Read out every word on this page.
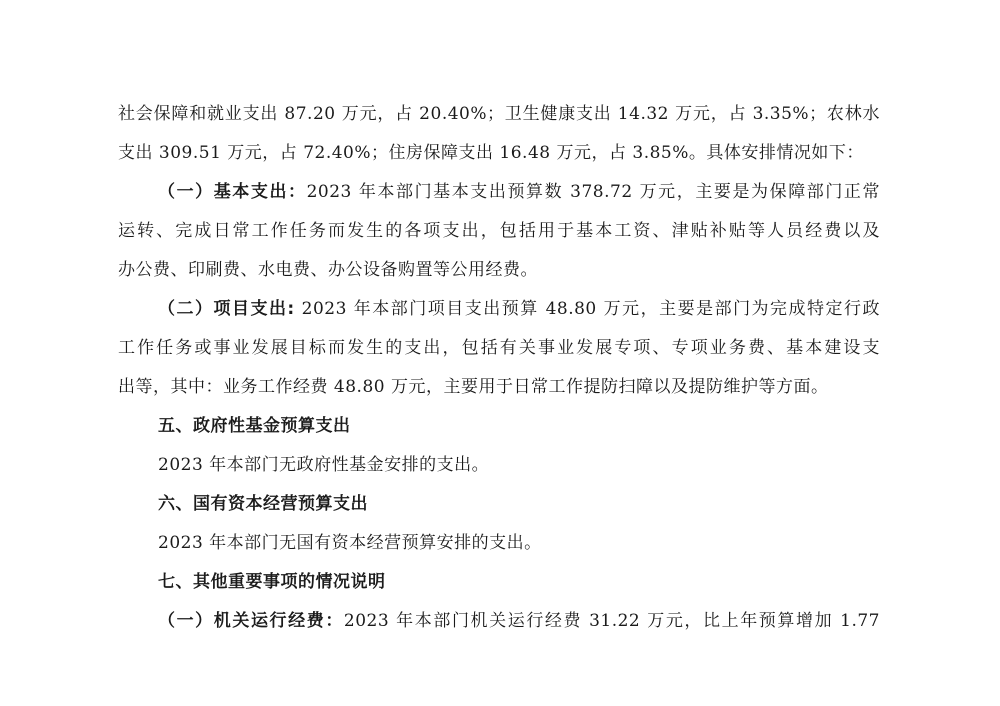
社会保障和就业支出 87.20 万元，占 20.40%；卫生健康支出 14.32 万元，占 3.35%；农林水

支出 309.51 万元，占 72.40%；住房保障支出 16.48 万元，占 3.85%。具体安排情况如下：

（一）基本支出：2023 年本部门基本支出预算数 378.72 万元，主要是为保障部门正常

运转、完成日常工作任务而发生的各项支出，包括用于基本工资、津贴补贴等人员经费以及

办公费、印刷费、水电费、办公设备购置等公用经费。

（二）项目支出: 2023 年本部门项目支出预算 48.80 万元，主要是部门为完成特定行政

工作任务或事业发展目标而发生的支出，包括有关事业发展专项、专项业务费、基本建设支

出等，其中：业务工作经费 48.80 万元，主要用于日常工作提防扫障以及提防维护等方面。

五、政府性基金预算支出

2023 年本部门无政府性基金安排的支出。

六、国有资本经营预算支出

2023 年本部门无国有资本经营预算安排的支出。

七、其他重要事项的情况说明

（一）机关运行经费：2023 年本部门机关运行经费 31.22 万元，比上年预算增加 1.77
